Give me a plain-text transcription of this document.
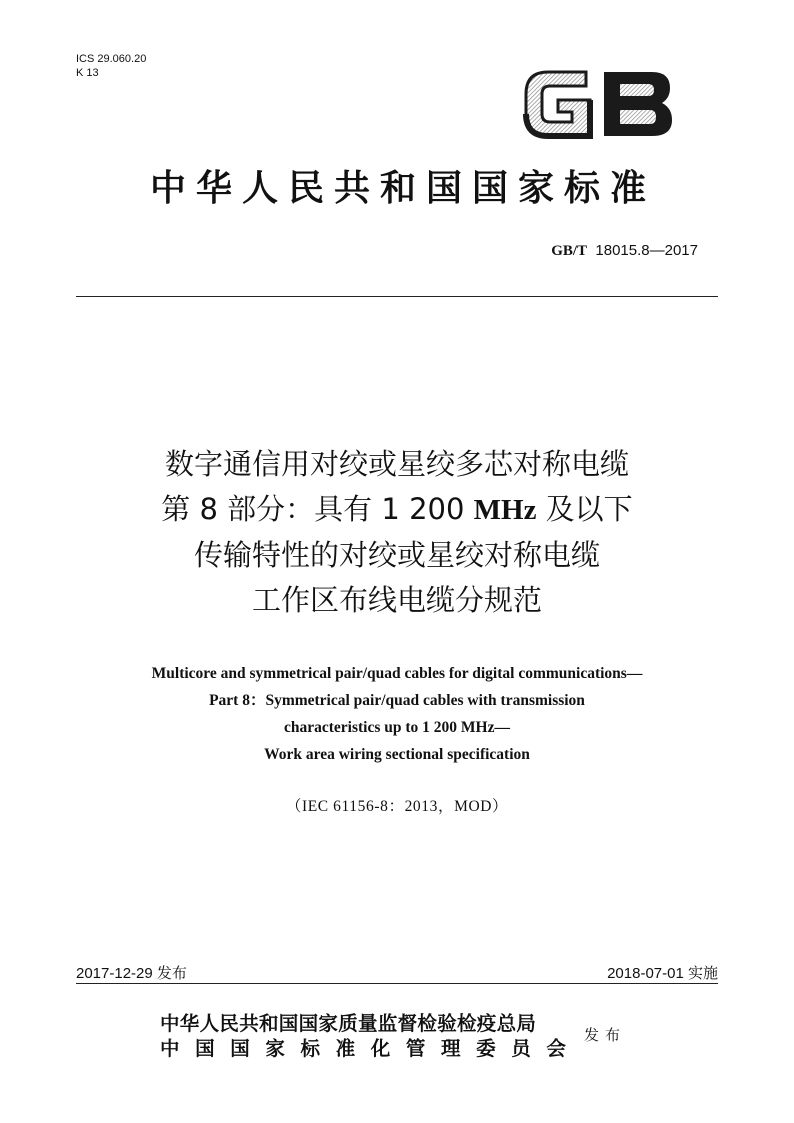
ICS 29.060.20
K 13
中华人民共和国国家标准
GB/T 18015.8—2017
数字通信用对绞或星绞多芯对称电缆
第 8 部分：具有 1 200 MHz 及以下
传输特性的对绞或星绞对称电缆
工作区布线电缆分规范
Multicore and symmetrical pair/quad cables for digital communications—
Part 8：Symmetrical pair/quad cables with transmission
characteristics up to 1 200 MHz—
Work area wiring sectional specification
（IEC 61156-8：2013，MOD）
2017-12-29 发布	2018-07-01 实施
中华人民共和国国家质量监督检验检疫总局
中 国 国 家 标 准 化 管 理 委 员 会
发布
